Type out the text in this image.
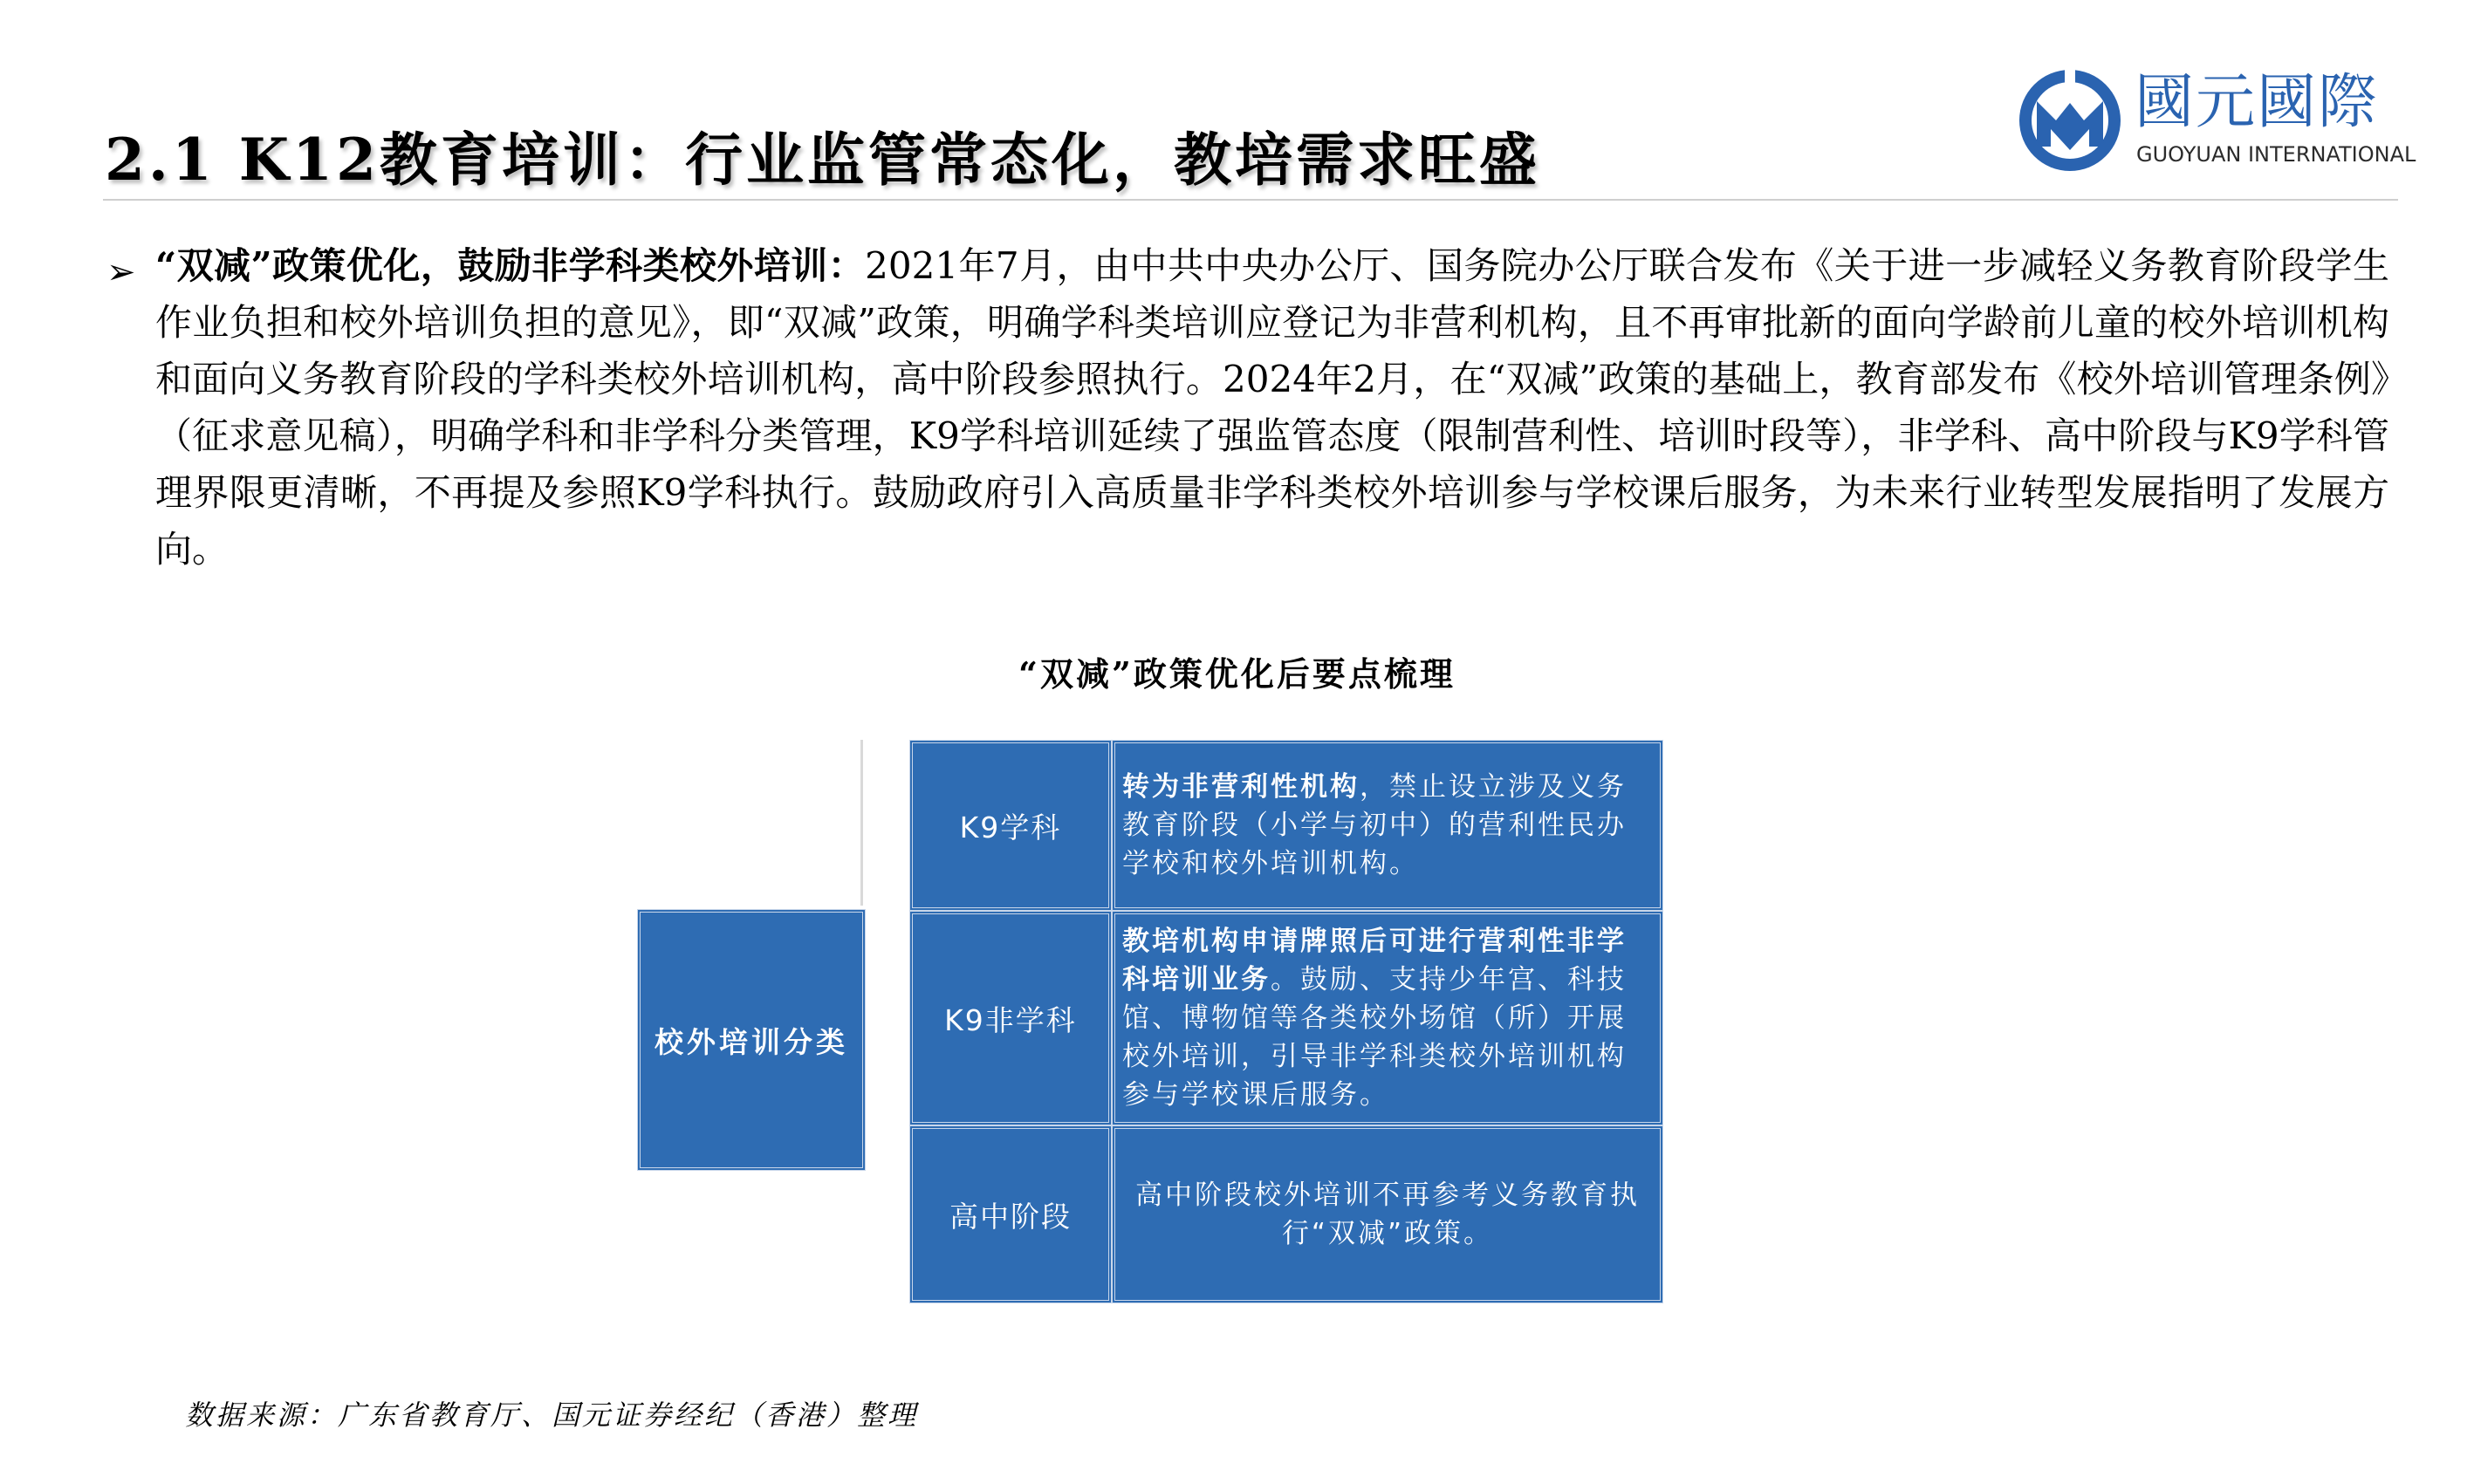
2.1 K12教育培训：行业监管常态化，教培需求旺盛
國元國際
GUOYUAN INTERNATIONAL
➢ “双减”政策优化，鼓励非学科类校外培训：2021年7月，由中共中央办公厅、国务院办公厅联合发布《关于进一步减轻义务教育阶段学生作业负担和校外培训负担的意见》，即“双减”政策，明确学科类培训应登记为非营利机构，且不再审批新的面向学龄前儿童的校外培训机构和面向义务教育阶段的学科类校外培训机构，高中阶段参照执行。2024年2月，在“双减”政策的基础上，教育部发布《校外培训管理条例》（征求意见稿），明确学科和非学科分类管理，K9学科培训延续了强监管态度（限制营利性、培训时段等），非学科、高中阶段与K9学科管理界限更清晰，不再提及参照K9学科执行。鼓励政府引入高质量非学科类校外培训参与学校课后服务，为未来行业转型发展指明了发展方向。
“双减”政策优化后要点梳理
校外培训分类
K9学科
转为非营利性机构，禁止设立涉及义务教育阶段（小学与初中）的营利性民办学校和校外培训机构。
K9非学科
教培机构申请牌照后可进行营利性非学科培训业务。鼓励、支持少年宫、科技馆、博物馆等各类校外场馆（所）开展校外培训，引导非学科类校外培训机构参与学校课后服务。
高中阶段
高中阶段校外培训不再参考义务教育执行“双减”政策。
数据来源：广东省教育厅、国元证券经纪（香港）整理
